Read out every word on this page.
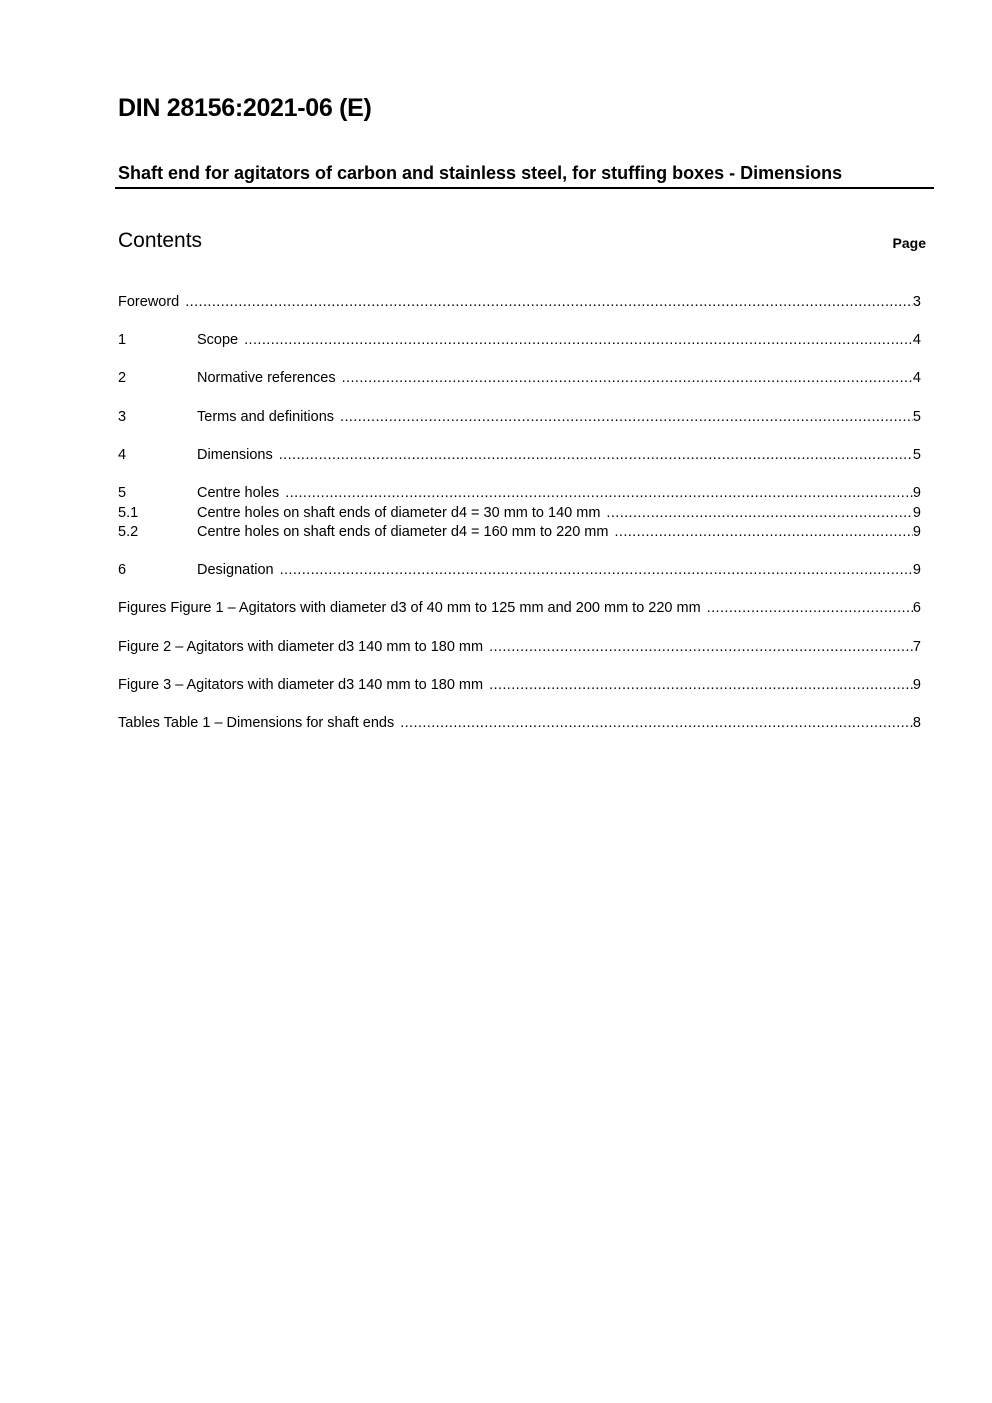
DIN 28156:2021-06 (E)
Shaft end for agitators of carbon and stainless steel, for stuffing boxes - Dimensions
Contents	Page
Foreword .....	3
1	Scope .....	4
2	Normative references .....	4
3	Terms and definitions .....	5
4	Dimensions .....	5
5	Centre holes .....	9
5.1	Centre holes on shaft ends of diameter d4 = 30 mm to 140 mm .....	9
5.2	Centre holes on shaft ends of diameter d4 = 160 mm to 220 mm .....	9
6	Designation .....	9
Figures Figure 1 – Agitators with diameter d3 of 40 mm to 125 mm and 200 mm to 220 mm .....	6
Figure 2 – Agitators with diameter d3 140 mm to 180 mm .....	7
Figure 3 – Agitators with diameter d3 140 mm to 180 mm .....	9
Tables Table 1 – Dimensions for shaft ends .....	8
